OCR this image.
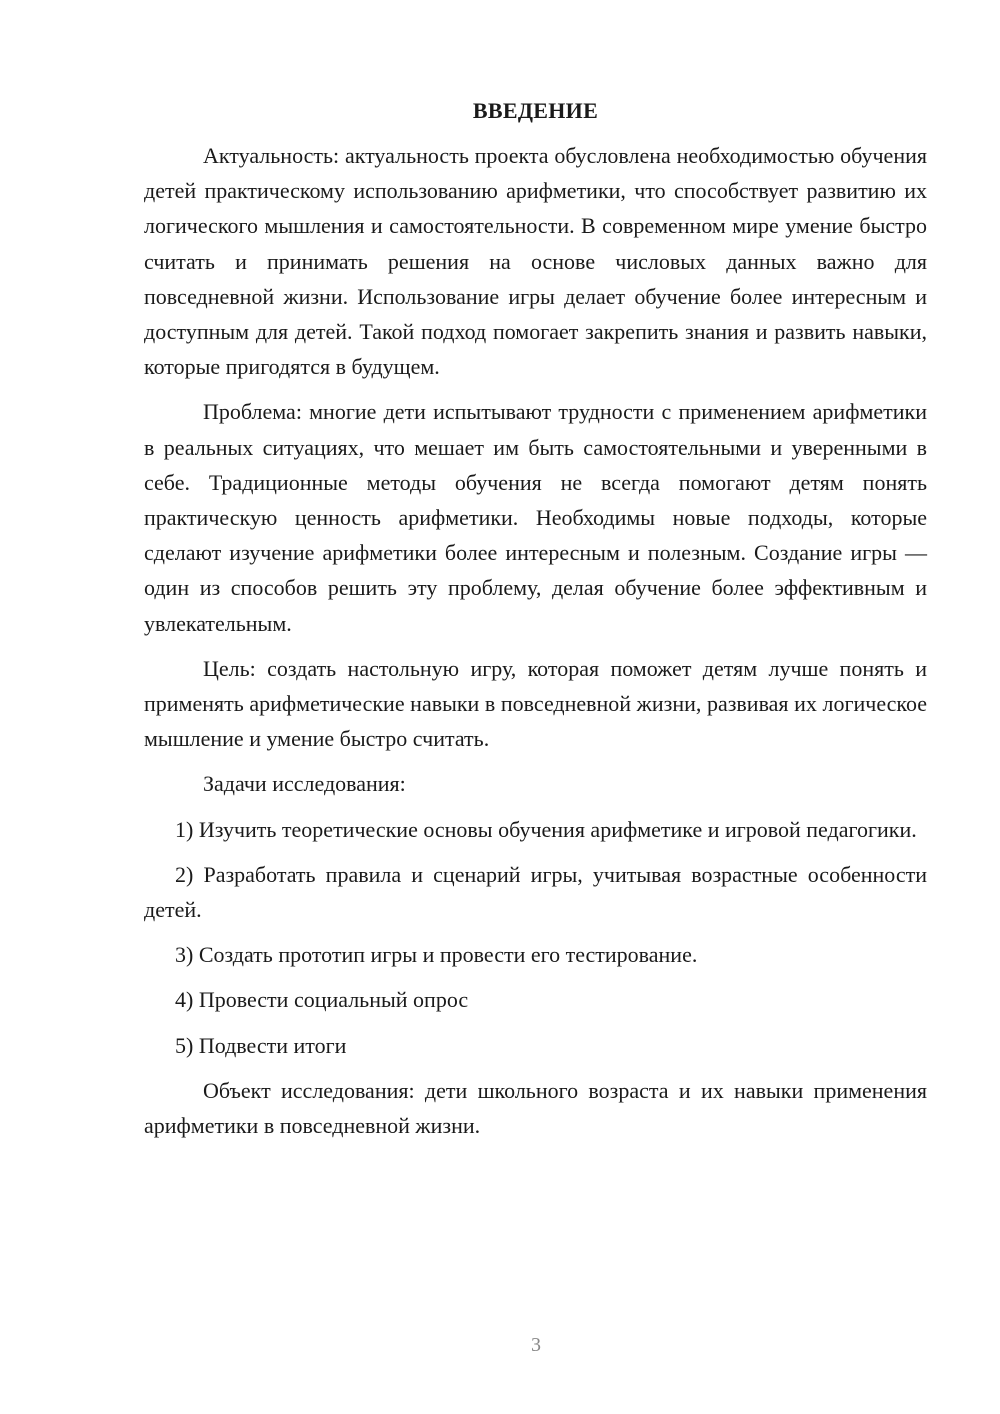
ВВЕДЕНИЕ

Актуальность: актуальность проекта обусловлена необходимостью обучения детей практическому использованию арифметики, что способствует развитию их логического мышления и самостоятельности. В современном мире умение быстро считать и принимать решения на основе числовых данных важно для повседневной жизни. Использование игры делает обучение более интересным и доступным для детей. Такой подход помогает закрепить знания и развить навыки, которые пригодятся в будущем.

Проблема: многие дети испытывают трудности с применением арифметики в реальных ситуациях, что мешает им быть самостоятельными и уверенными в себе. Традиционные методы обучения не всегда помогают детям понять практическую ценность арифметики. Необходимы новые подходы, которые сделают изучение арифметики более интересным и полезным. Создание игры — один из способов решить эту проблему, делая обучение более эффективным и увлекательным.

Цель: создать настольную игру, которая поможет детям лучше понять и применять арифметические навыки в повседневной жизни, развивая их логическое мышление и умение быстро считать.

Задачи исследования:

1) Изучить теоретические основы обучения арифметике и игровой педагогики.

2) Разработать правила и сценарий игры, учитывая возрастные особенности детей.

3) Создать прототип игры и провести его тестирование.

4) Провести социальный опрос

5) Подвести итоги

Объект исследования: дети школьного возраста и их навыки применения арифметики в повседневной жизни.

3
